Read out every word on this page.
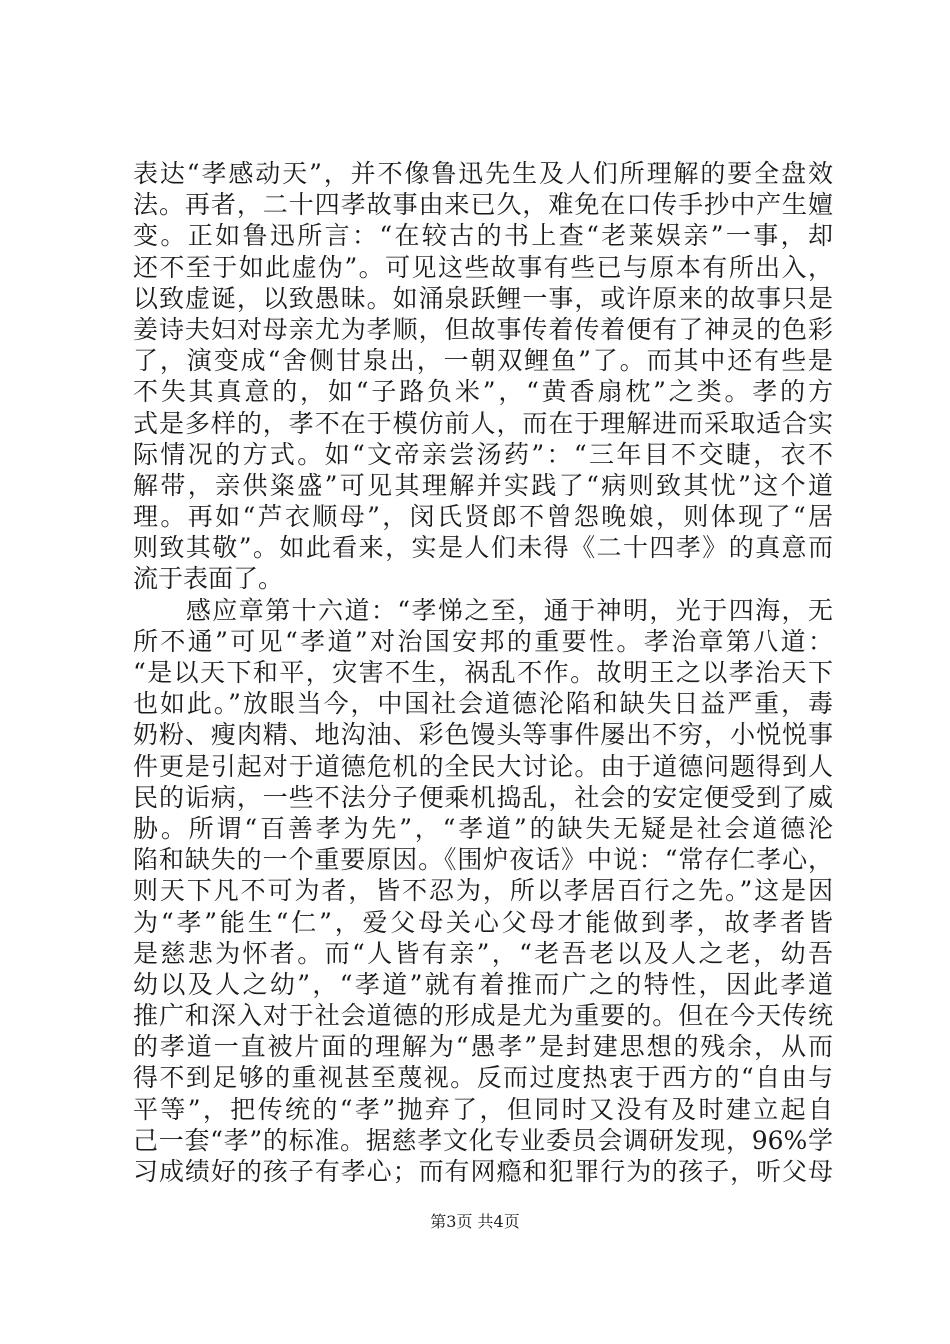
表达“孝感动天”，并不像鲁迅先生及人们所理解的要全盘效
法。再者，二十四孝故事由来已久，难免在口传手抄中产生嬗
变。正如鲁迅所言：“在较古的书上查“老莱娱亲”一事，却
还不至于如此虚伪”。可见这些故事有些已与原本有所出入，
以致虚诞，以致愚昧。如涌泉跃鲤一事，或许原来的故事只是
姜诗夫妇对母亲尤为孝顺，但故事传着传着便有了神灵的色彩
了，演变成“舍侧甘泉出，一朝双鲤鱼”了。而其中还有些是
不失其真意的，如“子路负米”，“黄香扇枕”之类。孝的方
式是多样的，孝不在于模仿前人，而在于理解进而采取适合实
际情况的方式。如“文帝亲尝汤药”：“三年目不交睫，衣不
解带，亲供粢盛”可见其理解并实践了“病则致其忧”这个道
理。再如“芦衣顺母”，闵氏贤郎不曾怨晚娘，则体现了“居
则致其敬”。如此看来，实是人们未得《二十四孝》的真意而
流于表面了。
　　感应章第十六道：“孝悌之至，通于神明，光于四海，无
所不通”可见“孝道”对治国安邦的重要性。孝治章第八道：
“是以天下和平，灾害不生，祸乱不作。故明王之以孝治天下
也如此。”放眼当今，中国社会道德沦陷和缺失日益严重，毒
奶粉、瘦肉精、地沟油、彩色馒头等事件屡出不穷，小悦悦事
件更是引起对于道德危机的全民大讨论。由于道德问题得到人
民的诟病，一些不法分子便乘机捣乱，社会的安定便受到了威
胁。所谓“百善孝为先”，“孝道”的缺失无疑是社会道德沦
陷和缺失的一个重要原因。《围炉夜话》中说：“常存仁孝心，
则天下凡不可为者，皆不忍为，所以孝居百行之先。”这是因
为“孝”能生“仁”，爱父母关心父母才能做到孝，故孝者皆
是慈悲为怀者。而“人皆有亲”，“老吾老以及人之老，幼吾
幼以及人之幼”，“孝道”就有着推而广之的特性，因此孝道
推广和深入对于社会道德的形成是尤为重要的。但在今天传统
的孝道一直被片面的理解为“愚孝”是封建思想的残余，从而
得不到足够的重视甚至蔑视。反而过度热衷于西方的“自由与
平等”，把传统的“孝”抛弃了，但同时又没有及时建立起自
己一套“孝”的标准。据慈孝文化专业委员会调研发现，96%学
习成绩好的孩子有孝心；而有网瘾和犯罪行为的孩子，听父母
第3页 共4页
